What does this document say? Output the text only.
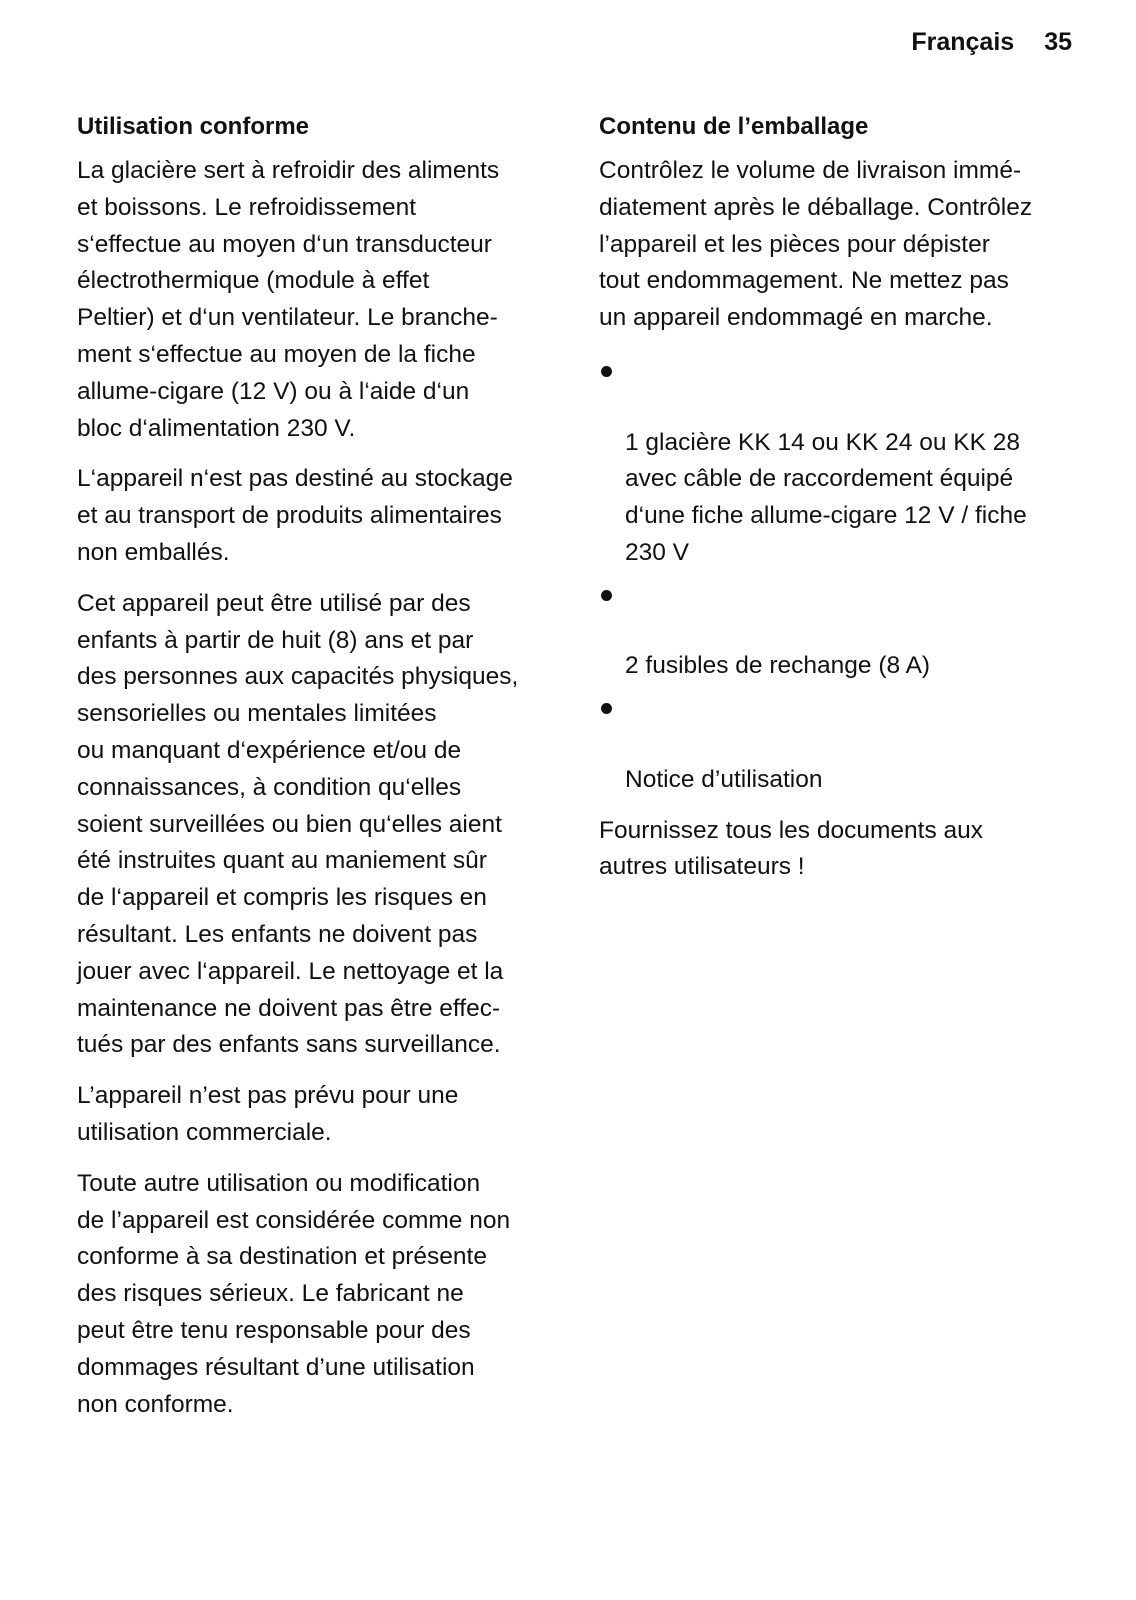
Français 35
Utilisation conforme

La glacière sert à refroidir des aliments
et boissons. Le refroidissement
s‘effectue au moyen d‘un transducteur
électrothermique (module à effet
Peltier) et d‘un ventilateur. Le branche-
ment s‘effectue au moyen de la fiche
allume-cigare (12 V) ou à l‘aide d‘un
bloc d‘alimentation 230 V.

L‘appareil n‘est pas destiné au stockage
et au transport de produits alimentaires
non emballés.

Cet appareil peut être utilisé par des
enfants à partir de huit (8) ans et par
des personnes aux capacités physiques,
sensorielles ou mentales limitées
ou manquant d‘expérience et/ou de
connaissances, à condition qu‘elles
soient surveillées ou bien qu‘elles aient
été instruites quant au maniement sûr
de l‘appareil et compris les risques en
résultant. Les enfants ne doivent pas
jouer avec l‘appareil. Le nettoyage et la
maintenance ne doivent pas être effec-
tués par des enfants sans surveillance.

L’appareil n’est pas prévu pour une
utilisation commerciale.

Toute autre utilisation ou modification
de l’appareil est considérée comme non
conforme à sa destination et présente
des risques sérieux. Le fabricant ne
peut être tenu responsable pour des
dommages résultant d’une utilisation
non conforme.

Contenu de l’emballage

Contrôlez le volume de livraison immé-
diatement après le déballage. Contrôlez
l’appareil et les pièces pour dépister
tout endommagement. Ne mettez pas
un appareil endommagé en marche.

1 glacière KK 14 ou KK 24 ou KK 28
avec câble de raccordement équipé
d‘une fiche allume-cigare 12 V / fiche
230 V

2 fusibles de rechange (8 A)

Notice d’utilisation

Fournissez tous les documents aux
autres utilisateurs !
